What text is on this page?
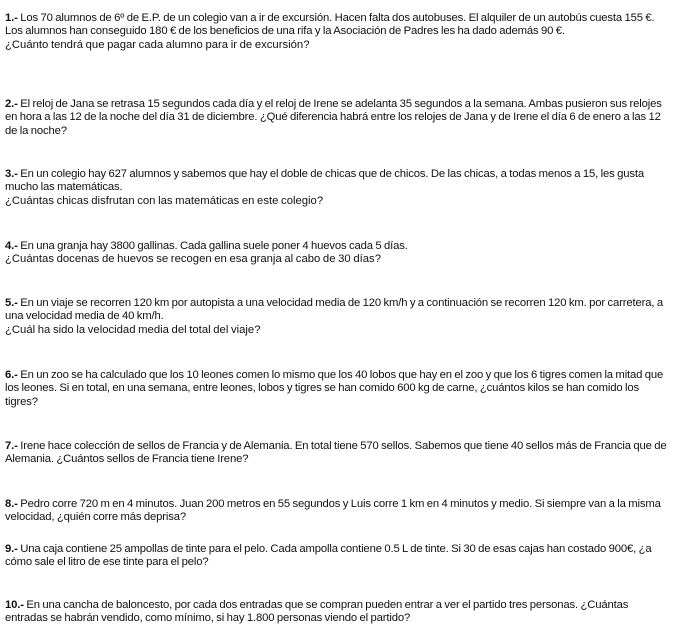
1.- Los 70 alumnos de 6º de E.P. de un colegio van a ir de excursión. Hacen falta dos autobuses. El alquiler de un autobús cuesta 155 €. Los alumnos han conseguido 180 € de los beneficios de una rifa y la Asociación de Padres les ha dado además 90 €.

¿Cuánto tendrá que pagar cada alumno para ir de excursión?

2.- El reloj de Jana se retrasa 15 segundos cada día y el reloj de Irene se adelanta 35 segundos a la semana. Ambas pusieron sus relojes en hora a las 12 de la noche del día 31 de diciembre. ¿Qué diferencia habrá entre los relojes de Jana y de Irene el día 6 de enero a las 12 de la noche?

3.- En un colegio hay 627 alumnos y sabemos que hay el doble de chicas que de chicos. De las chicas, a todas menos a 15, les gusta mucho las matemáticas.

¿Cuántas chicas disfrutan con las matemáticas en este colegio?

4.- En una granja hay 3800 gallinas. Cada gallina suele poner 4 huevos cada 5 días.

¿Cuántas docenas de huevos se recogen en esa granja al cabo de 30 días?

5.- En un viaje se recorren 120 km por autopista a una velocidad media de 120 km/h y a continuación se recorren 120 km. por carretera, a una velocidad media de 40 km/h.

¿Cuál ha sido la velocidad media del total del viaje?

6.- En un zoo se ha calculado que los 10 leones comen lo mismo que los 40 lobos que hay en el zoo y que los 6 tigres comen la mitad que los leones. Si en total, en una semana, entre leones, lobos y tigres se han comido 600 kg de carne, ¿cuántos kilos se han comido los tigres?

7.- Irene hace colección de sellos de Francia y de Alemania. En total tiene 570 sellos. Sabemos que tiene 40 sellos más de Francia que de Alemania. ¿Cuántos sellos de Francia tiene Irene?

8.- Pedro corre 720 m en 4 minutos. Juan 200 metros en 55 segundos y Luis corre 1 km en 4 minutos y medio. Si siempre van a la misma velocidad, ¿quién corre más deprisa?

9.- Una caja contiene 25 ampollas de tinte para el pelo. Cada ampolla contiene 0.5 L de tinte. Si 30 de esas cajas han costado 900€, ¿a cómo sale el litro de ese tinte para el pelo?

10.- En una cancha de baloncesto, por cada dos entradas que se compran pueden entrar a ver el partido tres personas. ¿Cuántas entradas se habrán vendido, como mínimo, si hay 1.800 personas viendo el partido?
